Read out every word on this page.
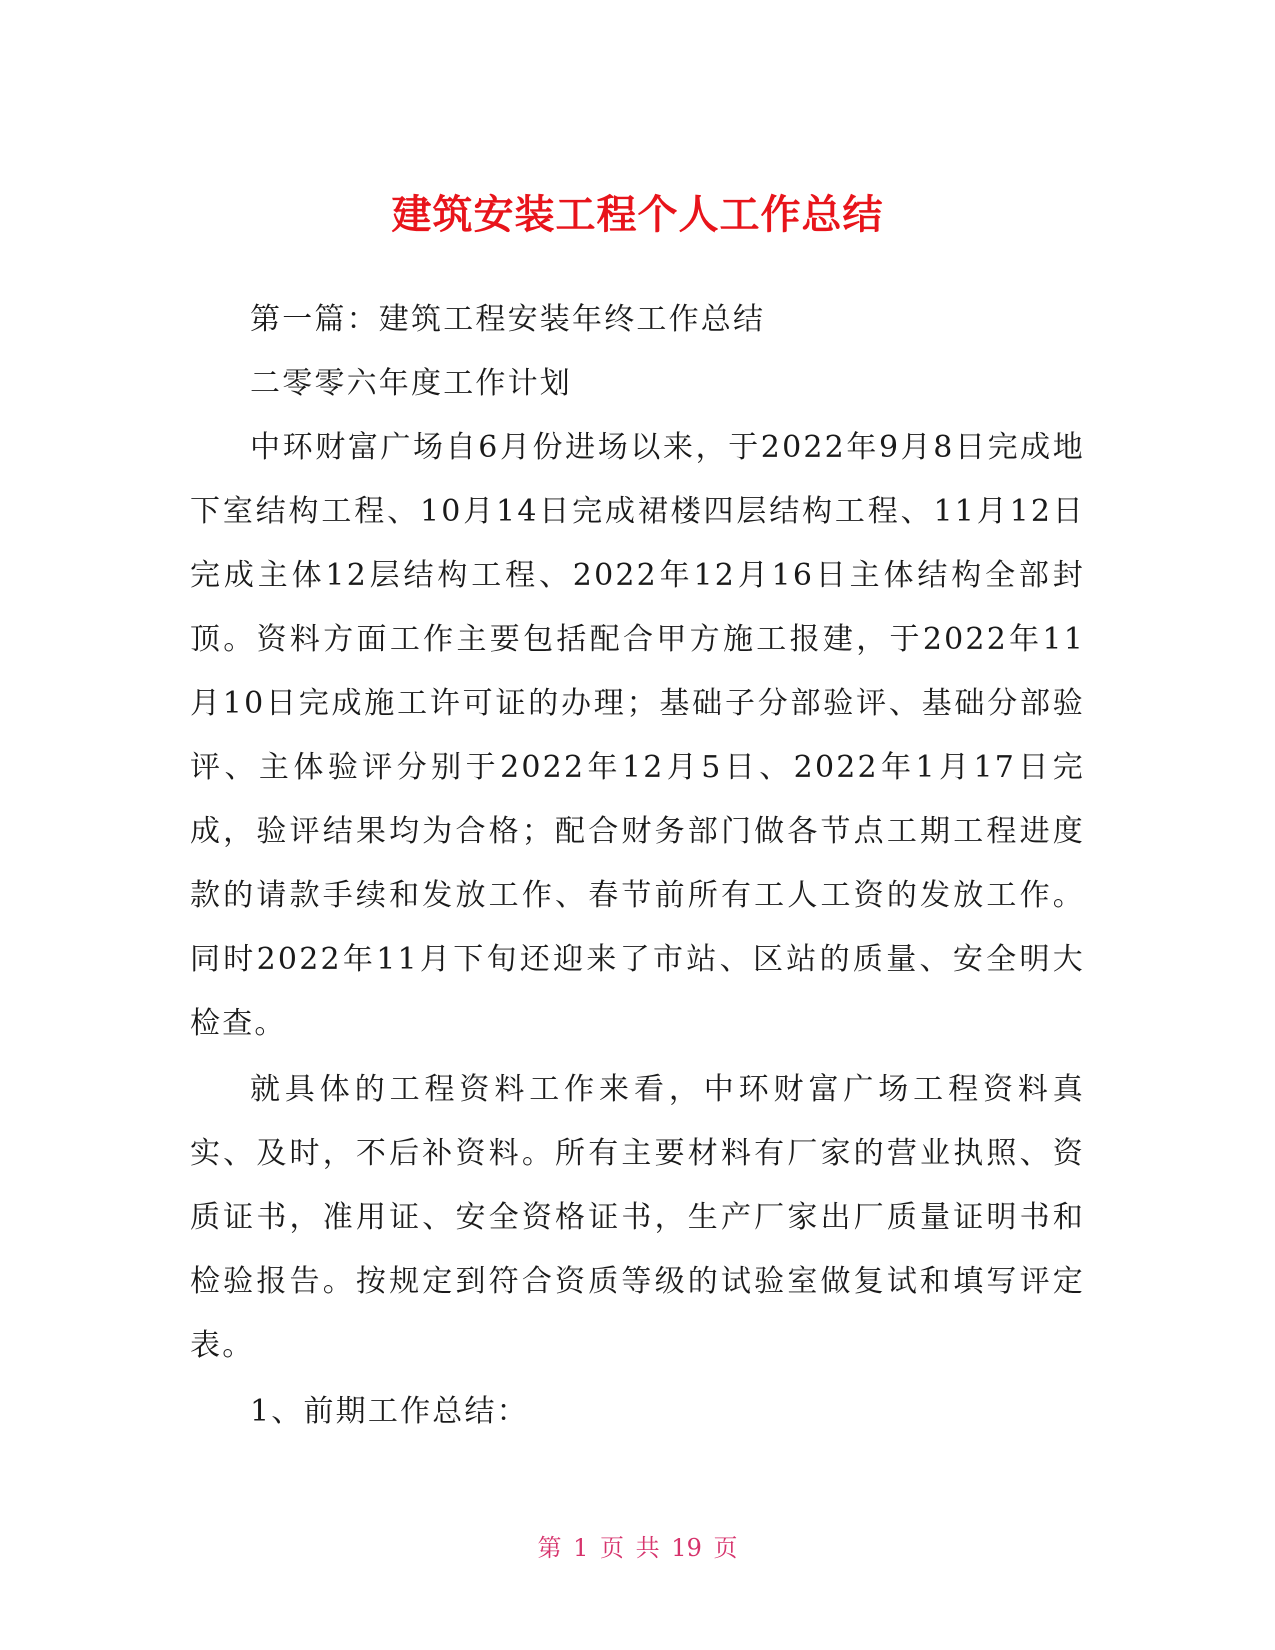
建筑安装工程个人工作总结

第一篇：建筑工程安装年终工作总结

二零零六年度工作计划

中环财富广场自6月份进场以来，于2022年9月8日完成地下室结构工程、10月14日完成裙楼四层结构工程、11月12日完成主体12层结构工程、2022年12月16日主体结构全部封顶。资料方面工作主要包括配合甲方施工报建，于2022年11月10日完成施工许可证的办理；基础子分部验评、基础分部验评、主体验评分别于2022年12月5日、2022年1月17日完成，验评结果均为合格；配合财务部门做各节点工期工程进度款的请款手续和发放工作、春节前所有工人工资的发放工作。同时2022年11月下旬还迎来了市站、区站的质量、安全明大检查。

就具体的工程资料工作来看，中环财富广场工程资料真实、及时，不后补资料。所有主要材料有厂家的营业执照、资质证书，准用证、安全资格证书，生产厂家出厂质量证明书和检验报告。按规定到符合资质等级的试验室做复试和填写评定表。

1、前期工作总结：

第 1 页 共 19 页
